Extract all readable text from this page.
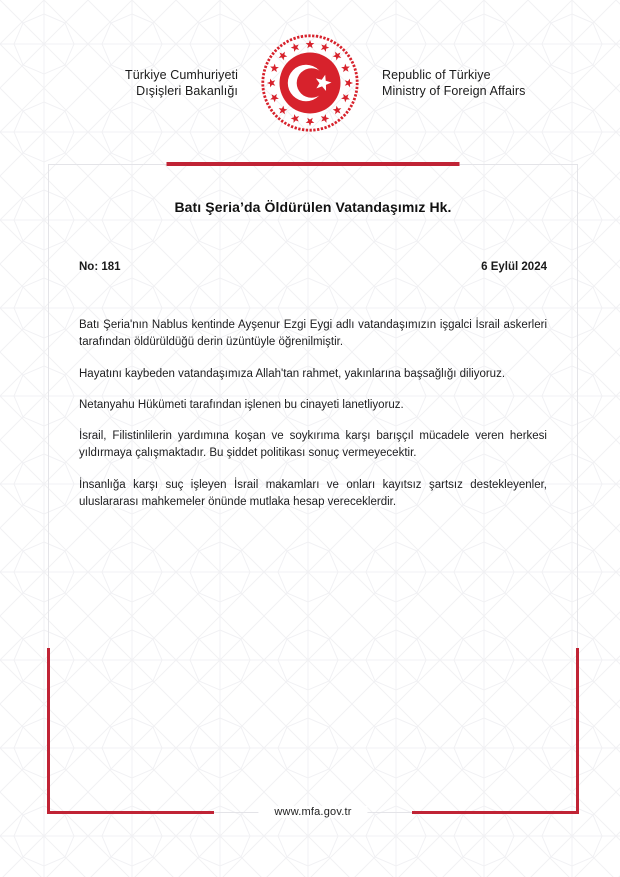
Türkiye Cumhuriyeti
Dışişleri Bakanlığı
Republic of Türkiye
Ministry of Foreign Affairs
Batı Şeria’da Öldürülen Vatandaşımız Hk.
No: 181	6 Eylül 2024

Batı Şeria'nın Nablus kentinde Ayşenur Ezgi Eygi adlı vatandaşımızın işgalci İsrail askerleri tarafından öldürüldüğü derin üzüntüyle öğrenilmiştir.

Hayatını kaybeden vatandaşımıza Allah'tan rahmet, yakınlarına başsağlığı diliyoruz.

Netanyahu Hükümeti tarafından işlenen bu cinayeti lanetliyoruz.

İsrail, Filistinlilerin yardımına koşan ve soykırıma karşı barışçıl mücadele veren herkesi yıldırmaya çalışmaktadır. Bu şiddet politikası sonuç vermeyecektir.

İnsanlığa karşı suç işleyen İsrail makamları ve onları kayıtsız şartsız destekleyenler, uluslararası mahkemeler önünde mutlaka hesap vereceklerdir.

www.mfa.gov.tr
